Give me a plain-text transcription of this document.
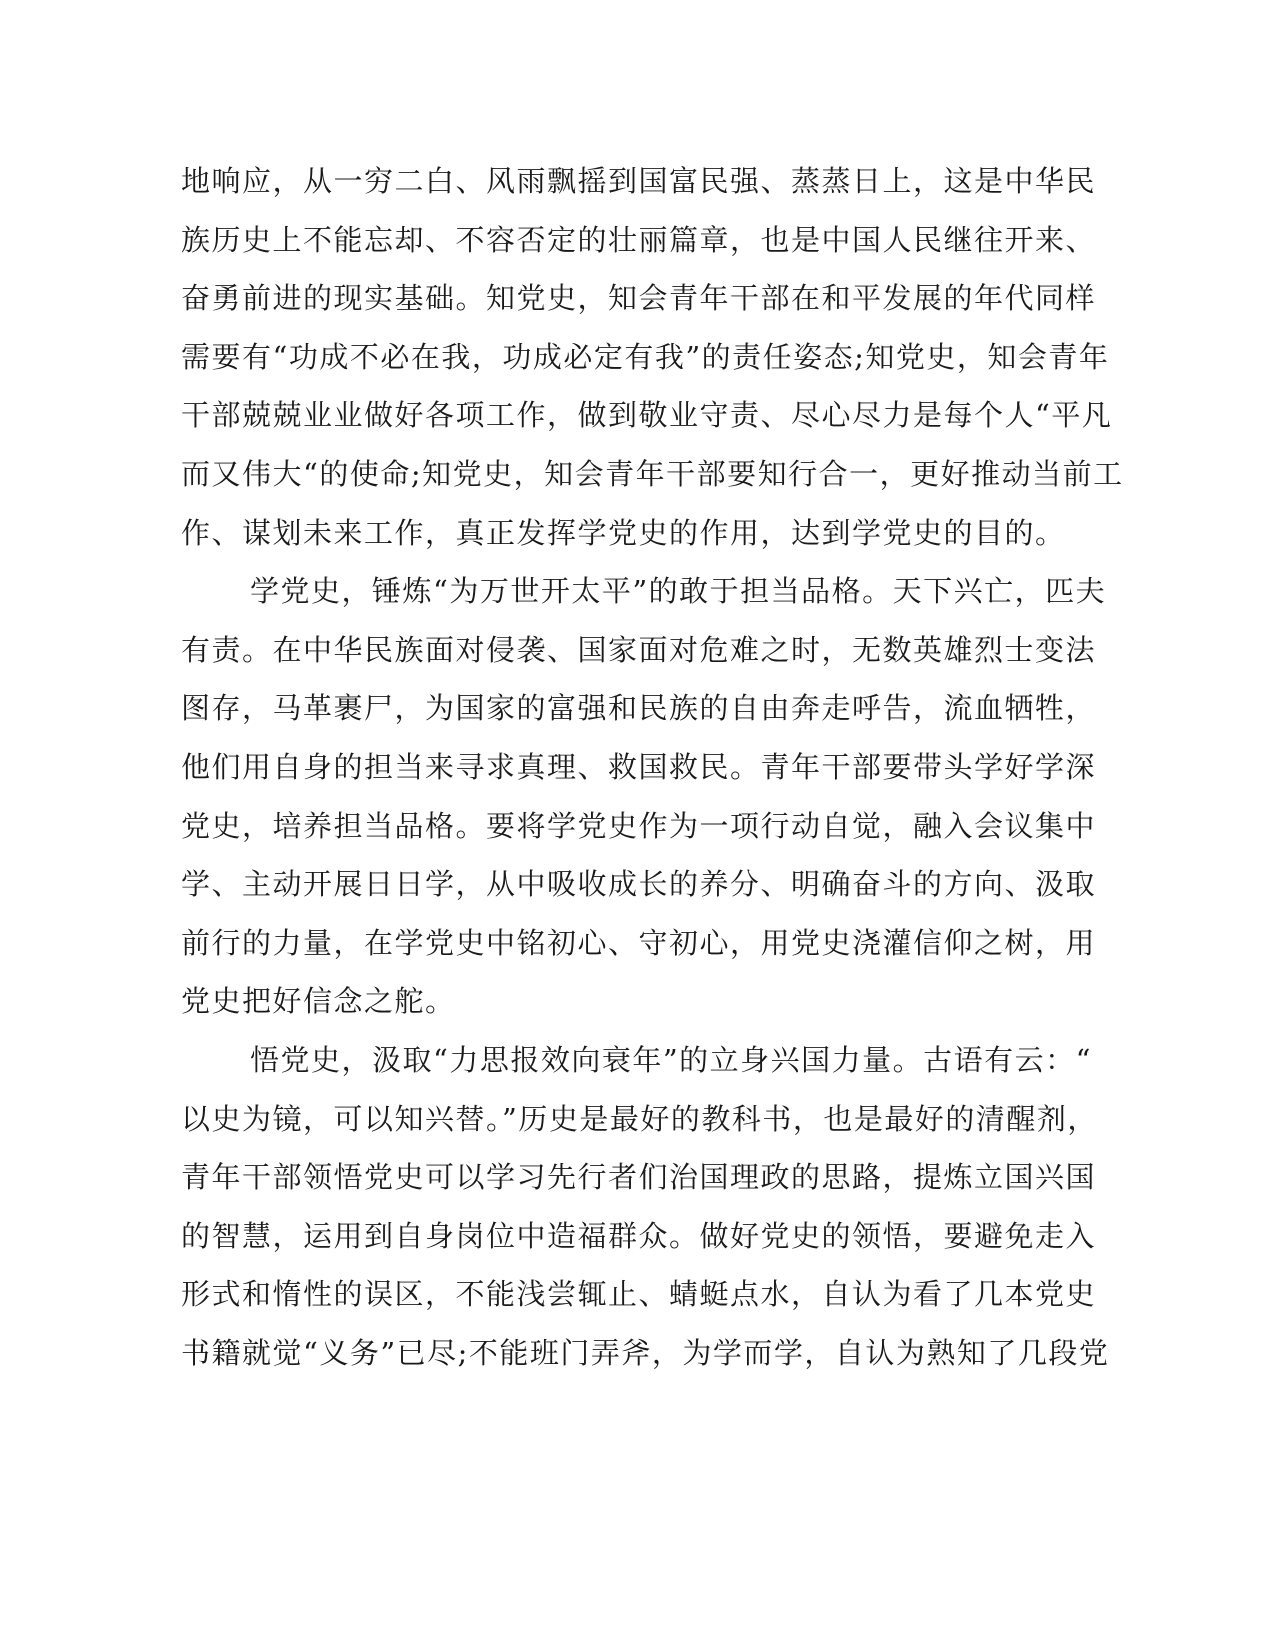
地响应，从一穷二白、风雨飘摇到国富民强、蒸蒸日上，这是中华民
族历史上不能忘却、不容否定的壮丽篇章，也是中国人民继往开来、
奋勇前进的现实基础。知党史，知会青年干部在和平发展的年代同样
需要有“功成不必在我，功成必定有我”的责任姿态;知党史，知会青年
干部兢兢业业做好各项工作，做到敬业守责、尽心尽力是每个人“平凡
而又伟大“的使命;知党史，知会青年干部要知行合一，更好推动当前工
作、谋划未来工作，真正发挥学党史的作用，达到学党史的目的。
学党史，锤炼“为万世开太平”的敢于担当品格。天下兴亡，匹夫
有责。在中华民族面对侵袭、国家面对危难之时，无数英雄烈士变法
图存，马革裹尸，为国家的富强和民族的自由奔走呼告，流血牺牲，
他们用自身的担当来寻求真理、救国救民。青年干部要带头学好学深
党史，培养担当品格。要将学党史作为一项行动自觉，融入会议集中
学、主动开展日日学，从中吸收成长的养分、明确奋斗的方向、汲取
前行的力量，在学党史中铭初心、守初心，用党史浇灌信仰之树，用
党史把好信念之舵。
悟党史，汲取“力思报效向衰年”的立身兴国力量。古语有云：“
以史为镜，可以知兴替。”历史是最好的教科书，也是最好的清醒剂，
青年干部领悟党史可以学习先行者们治国理政的思路，提炼立国兴国
的智慧，运用到自身岗位中造福群众。做好党史的领悟，要避免走入
形式和惰性的误区，不能浅尝辄止、蜻蜓点水，自认为看了几本党史
书籍就觉“义务”已尽;不能班门弄斧，为学而学，自认为熟知了几段党
